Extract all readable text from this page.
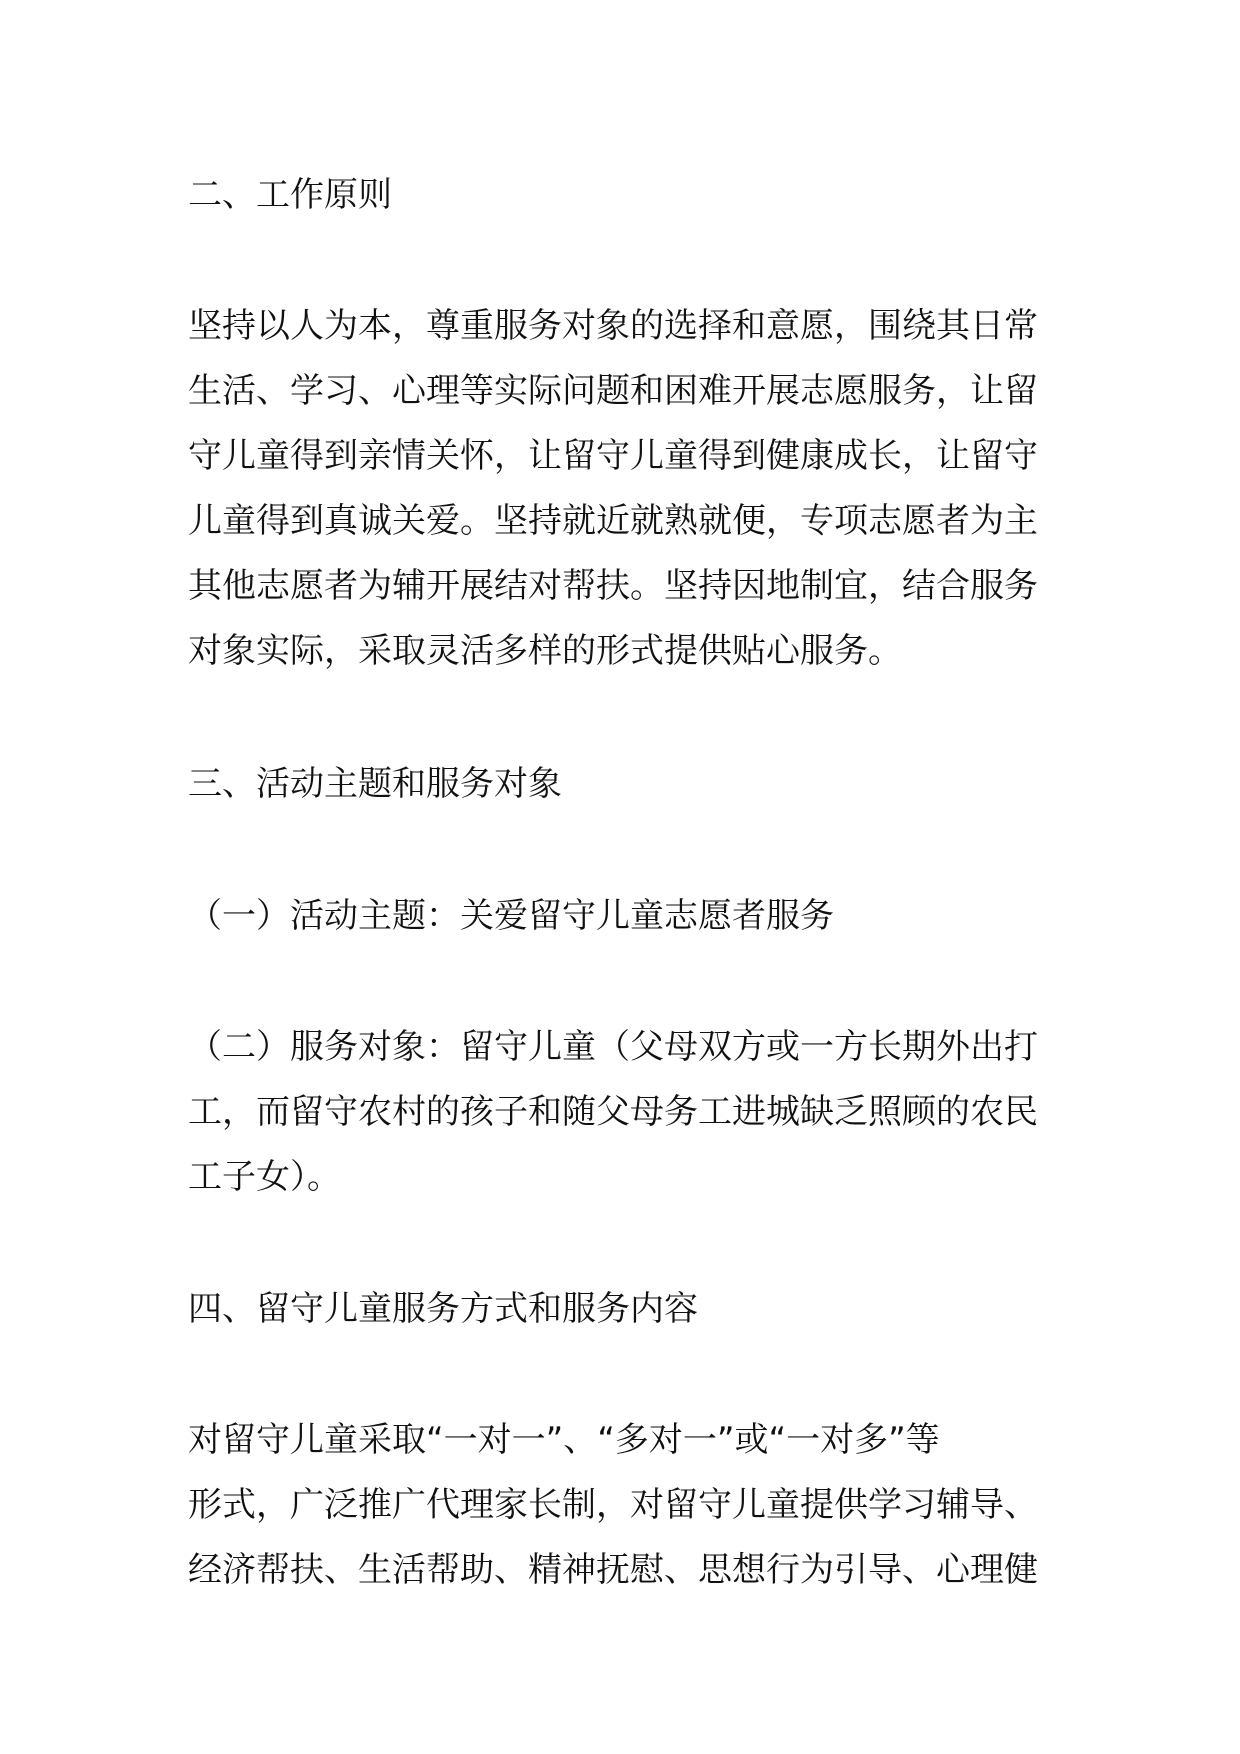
二、工作原则

坚持以人为本，尊重服务对象的选择和意愿，围绕其日常
生活、学习、心理等实际问题和困难开展志愿服务，让留
守儿童得到亲情关怀，让留守儿童得到健康成长，让留守
儿童得到真诚关爱。坚持就近就熟就便，专项志愿者为主
其他志愿者为辅开展结对帮扶。坚持因地制宜，结合服务
对象实际，采取灵活多样的形式提供贴心服务。

三、活动主题和服务对象

（一）活动主题：关爱留守儿童志愿者服务

（二）服务对象：留守儿童（父母双方或一方长期外出打
工，而留守农村的孩子和随父母务工进城缺乏照顾的农民
工子女）。

四、留守儿童服务方式和服务内容

对留守儿童采取“一对一”、“多对一”或“一对多”等
形式，广泛推广代理家长制，对留守儿童提供学习辅导、
经济帮扶、生活帮助、精神抚慰、思想行为引导、心理健
